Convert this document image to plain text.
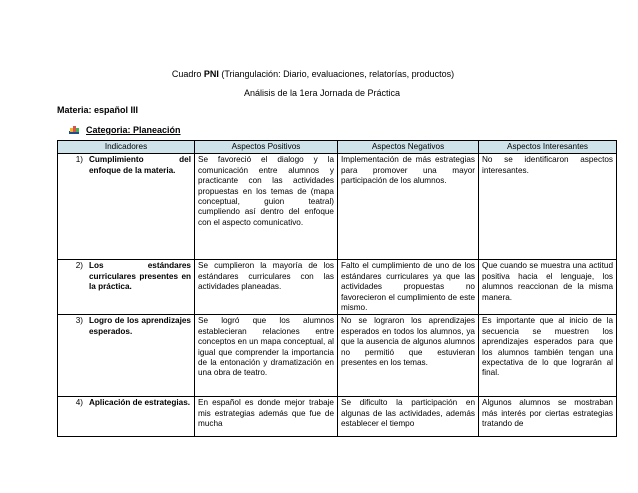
Cuadro PNI (Triangulación: Diario, evaluaciones, relatorías, productos)
Análisis de la 1era Jornada de Práctica
Materia: español III
Categoria: Planeación
Indicadores	Aspectos Positivos	Aspectos Negativos	Aspectos Interesantes

1) Cumplimiento del enfoque de la materia.	Se favoreció el dialogo y la comunicación entre alumnos y practicante con las actividades propuestas en los temas de (mapa conceptual, guion teatral) cumpliendo así dentro del enfoque con el aspecto comunicativo.	Implementación de más estrategias para promover una mayor participación de los alumnos.	No se identificaron aspectos interesantes.

2) Los estándares curriculares presentes en la práctica.	Se cumplieron la mayoría de los estándares curriculares con las actividades planeadas.	Falto el cumplimiento de uno de los estándares curriculares ya que las actividades propuestas no favorecieron el cumplimiento de este mismo.	Que cuando se muestra una actitud positiva hacia el lenguaje, los alumnos reaccionan de la misma manera.

3) Logro de los aprendizajes esperados.	Se logró que los alumnos establecieran relaciones entre conceptos en un mapa conceptual, al igual que comprender la importancia de la entonación y dramatización en una obra de teatro.	No se lograron los aprendizajes esperados en todos los alumnos, ya que la ausencia de algunos alumnos no permitió que estuvieran presentes en los temas.	Es importante que al inicio de la secuencia se muestren los aprendizajes esperados para que los alumnos también tengan una expectativa de lo que lograrán al final.

4) Aplicación de estrategias.	En español es donde mejor trabaje mis estrategias además que fue de mucha	Se dificulto la participación en algunas de las actividades, además establecer el tiempo	Algunos alumnos se mostraban más interés por ciertas estrategias tratando de
